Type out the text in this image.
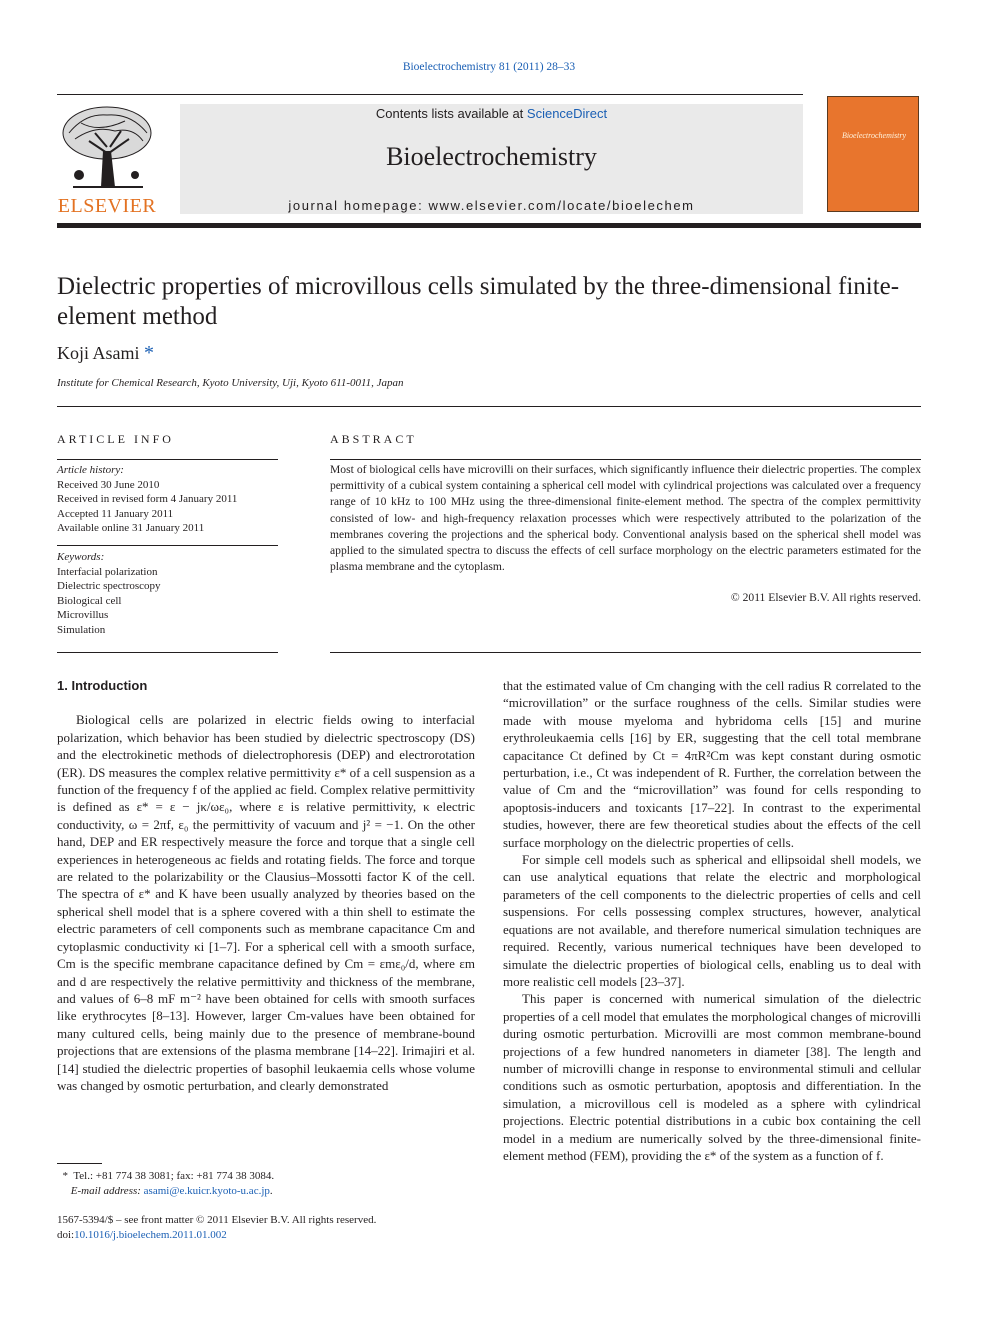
Bioelectrochemistry 81 (2011) 28–33
ELSEVIER
Contents lists available at ScienceDirect
Bioelectrochemistry
journal homepage: www.elsevier.com/locate/bioelechem
Bioelectrochemistry
Dielectric properties of microvillous cells simulated by the three-dimensional finite-element method
Koji Asami *
Institute for Chemical Research, Kyoto University, Uji, Kyoto 611-0011, Japan
ARTICLE INFO
Article history:
Received 30 June 2010
Received in revised form 4 January 2011
Accepted 11 January 2011
Available online 31 January 2011
Keywords:
Interfacial polarization
Dielectric spectroscopy
Biological cell
Microvillus
Simulation
ABSTRACT
Most of biological cells have microvilli on their surfaces, which significantly influence their dielectric properties. The complex permittivity of a cubical system containing a spherical cell model with cylindrical projections was calculated over a frequency range of 10 kHz to 100 MHz using the three-dimensional finite-element method. The spectra of the complex permittivity consisted of low- and high-frequency relaxation processes which were respectively attributed to the polarization of the membranes covering the projections and the spherical body. Conventional analysis based on the spherical shell model was applied to the simulated spectra to discuss the effects of cell surface morphology on the electric parameters estimated for the plasma membrane and the cytoplasm.
© 2011 Elsevier B.V. All rights reserved.
1. Introduction

Biological cells are polarized in electric fields owing to interfacial polarization, which behavior has been studied by dielectric spectroscopy (DS) and the electrokinetic methods of dielectrophoresis (DEP) and electrorotation (ER). DS measures the complex relative permittivity ε* of a cell suspension as a function of the frequency f of the applied ac field. Complex relative permittivity is defined as ε* = ε − jκ/ωε₀, where ε is relative permittivity, κ electric conductivity, ω = 2πf, ε₀ the permittivity of vacuum and j² = −1. On the other hand, DEP and ER respectively measure the force and torque that a single cell experiences in heterogeneous ac fields and rotating fields. The force and torque are related to the polarizability or the Clausius–Mossotti factor K of the cell. The spectra of ε* and K have been usually analyzed by theories based on the spherical shell model that is a sphere covered with a thin shell to estimate the electric parameters of cell components such as membrane capacitance Cm and cytoplasmic conductivity κi [1–7]. For a spherical cell with a smooth surface, Cm is the specific membrane capacitance defined by Cm = εmε₀/d, where εm and d are respectively the relative permittivity and thickness of the membrane, and values of 6–8 mF m⁻² have been obtained for cells with smooth surfaces like erythrocytes [8–13]. However, larger Cm-values have been obtained for many cultured cells, being mainly due to the presence of membrane-bound projections that are extensions of the plasma membrane [14–22]. Irimajiri et al. [14] studied the dielectric properties of basophil leukaemia cells whose volume was changed by osmotic perturbation, and clearly demonstrated

that the estimated value of Cm changing with the cell radius R correlated to the “microvillation” or the surface roughness of the cells. Similar studies were made with mouse myeloma and hybridoma cells [15] and murine erythroleukaemia cells [16] by ER, suggesting that the cell total membrane capacitance Ct defined by Ct = 4πR²Cm was kept constant during osmotic perturbation, i.e., Ct was independent of R. Further, the correlation between the value of Cm and the “microvillation” was found for cells responding to apoptosis-inducers and toxicants [17–22]. In contrast to the experimental studies, however, there are few theoretical studies about the effects of the cell surface morphology on the dielectric properties of cells.

For simple cell models such as spherical and ellipsoidal shell models, we can use analytical equations that relate the electric and morphological parameters of the cell components to the dielectric properties of cells and cell suspensions. For cells possessing complex structures, however, analytical equations are not available, and therefore numerical simulation techniques are required. Recently, various numerical techniques have been developed to simulate the dielectric properties of biological cells, enabling us to deal with more realistic cell models [23–37].

This paper is concerned with numerical simulation of the dielectric properties of a cell model that emulates the morphological changes of microvilli during osmotic perturbation. Microvilli are most common membrane-bound projections of a few hundred nanometers in diameter [38]. The length and number of microvilli change in response to environmental stimuli and cellular conditions such as osmotic perturbation, apoptosis and differentiation. In the simulation, a microvillous cell is modeled as a sphere with cylindrical projections. Electric potential distributions in a cubic box containing the cell model in a medium are numerically solved by the three-dimensional finite-element method (FEM), providing the ε* of the system as a function of f.

* Tel.: +81 774 38 3081; fax: +81 774 38 3084.
E-mail address: asami@e.kuicr.kyoto-u.ac.jp.
1567-5394/$ – see front matter © 2011 Elsevier B.V. All rights reserved.
doi:10.1016/j.bioelechem.2011.01.002
